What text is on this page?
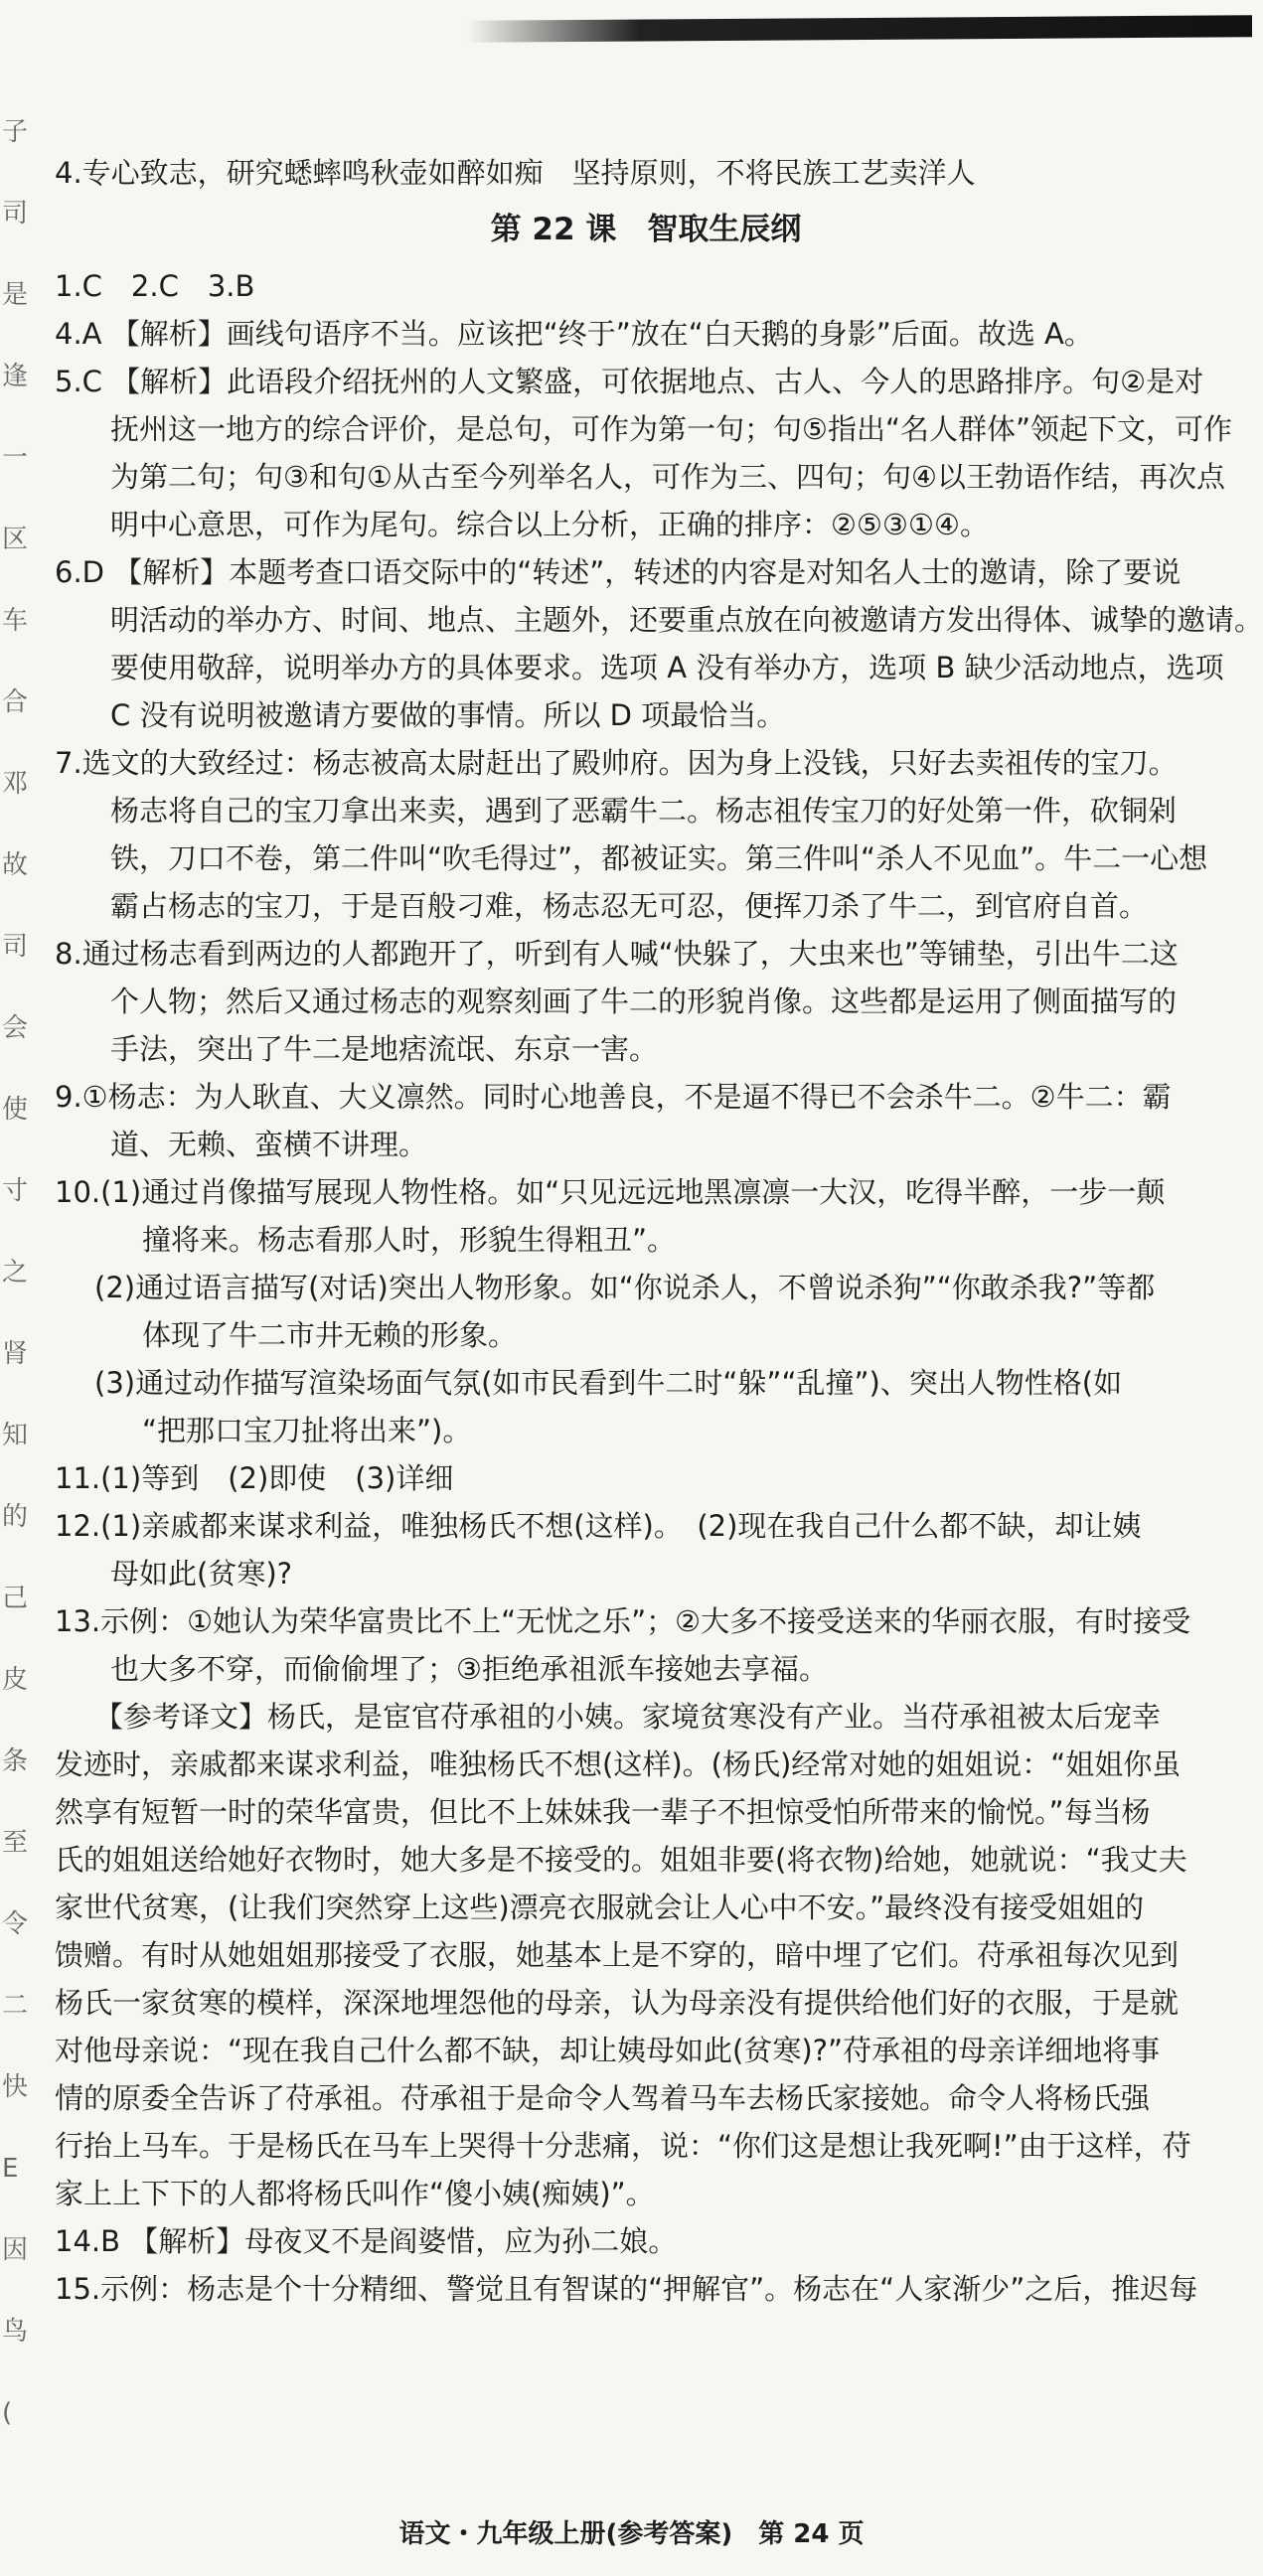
子
司
是
逢
一
区
车
合
邓
故
司
会
使
寸
之
肾
知
的
己
皮
条
至
令
二
快
E
因
鸟
(
4.专心致志，研究蟋蟀鸣秋壶如醉如痴　坚持原则，不将民族工艺卖洋人
第 22 课　智取生辰纲
1.C　2.C　3.B
4.A 【解析】画线句语序不当。应该把“终于”放在“白天鹅的身影”后面。故选 A。
5.C 【解析】此语段介绍抚州的人文繁盛，可依据地点、古人、今人的思路排序。句②是对
抚州这一地方的综合评价，是总句，可作为第一句；句⑤指出“名人群体”领起下文，可作
为第二句；句③和句①从古至今列举名人，可作为三、四句；句④以王勃语作结，再次点
明中心意思，可作为尾句。综合以上分析，正确的排序：②⑤③①④。
6.D 【解析】本题考查口语交际中的“转述”，转述的内容是对知名人士的邀请，除了要说
明活动的举办方、时间、地点、主题外，还要重点放在向被邀请方发出得体、诚挚的邀请。
要使用敬辞，说明举办方的具体要求。选项 A 没有举办方，选项 B 缺少活动地点，选项
C 没有说明被邀请方要做的事情。所以 D 项最恰当。
7.选文的大致经过：杨志被高太尉赶出了殿帅府。因为身上没钱，只好去卖祖传的宝刀。
杨志将自己的宝刀拿出来卖，遇到了恶霸牛二。杨志祖传宝刀的好处第一件，砍铜剁
铁，刀口不卷，第二件叫“吹毛得过”，都被证实。第三件叫“杀人不见血”。牛二一心想
霸占杨志的宝刀，于是百般刁难，杨志忍无可忍，便挥刀杀了牛二，到官府自首。
8.通过杨志看到两边的人都跑开了，听到有人喊“快躲了，大虫来也”等铺垫，引出牛二这
个人物；然后又通过杨志的观察刻画了牛二的形貌肖像。这些都是运用了侧面描写的
手法，突出了牛二是地痞流氓、东京一害。
9.①杨志：为人耿直、大义凛然。同时心地善良，不是逼不得已不会杀牛二。②牛二：霸
道、无赖、蛮横不讲理。
10.(1)通过肖像描写展现人物性格。如“只见远远地黑凛凛一大汉，吃得半醉，一步一颠
撞将来。杨志看那人时，形貌生得粗丑”。
(2)通过语言描写(对话)突出人物形象。如“你说杀人，不曾说杀狗”“你敢杀我?”等都
体现了牛二市井无赖的形象。
(3)通过动作描写渲染场面气氛(如市民看到牛二时“躲”“乱撞”)、突出人物性格(如
“把那口宝刀扯将出来”)。
11.(1)等到　(2)即使　(3)详细
12.(1)亲戚都来谋求利益，唯独杨氏不想(这样)。　(2)现在我自己什么都不缺，却让姨
母如此(贫寒)?
13.示例：①她认为荣华富贵比不上“无忧之乐”；②大多不接受送来的华丽衣服，有时接受
也大多不穿，而偷偷埋了；③拒绝承祖派车接她去享福。
【参考译文】杨氏，是宦官苻承祖的小姨。家境贫寒没有产业。当苻承祖被太后宠幸
发迹时，亲戚都来谋求利益，唯独杨氏不想(这样)。(杨氏)经常对她的姐姐说：“姐姐你虽
然享有短暂一时的荣华富贵，但比不上妹妹我一辈子不担惊受怕所带来的愉悦。”每当杨
氏的姐姐送给她好衣物时，她大多是不接受的。姐姐非要(将衣物)给她，她就说：“我丈夫
家世代贫寒，(让我们突然穿上这些)漂亮衣服就会让人心中不安。”最终没有接受姐姐的
馈赠。有时从她姐姐那接受了衣服，她基本上是不穿的，暗中埋了它们。苻承祖每次见到
杨氏一家贫寒的模样，深深地埋怨他的母亲，认为母亲没有提供给他们好的衣服，于是就
对他母亲说：“现在我自己什么都不缺，却让姨母如此(贫寒)?”苻承祖的母亲详细地将事
情的原委全告诉了苻承祖。苻承祖于是命令人驾着马车去杨氏家接她。命令人将杨氏强
行抬上马车。于是杨氏在马车上哭得十分悲痛，说：“你们这是想让我死啊!”由于这样，苻
家上上下下的人都将杨氏叫作“傻小姨(痴姨)”。
14.B 【解析】母夜叉不是阎婆惜，应为孙二娘。
15.示例：杨志是个十分精细、警觉且有智谋的“押解官”。杨志在“人家渐少”之后，推迟每
语文・九年级上册(参考答案)　第 24 页
